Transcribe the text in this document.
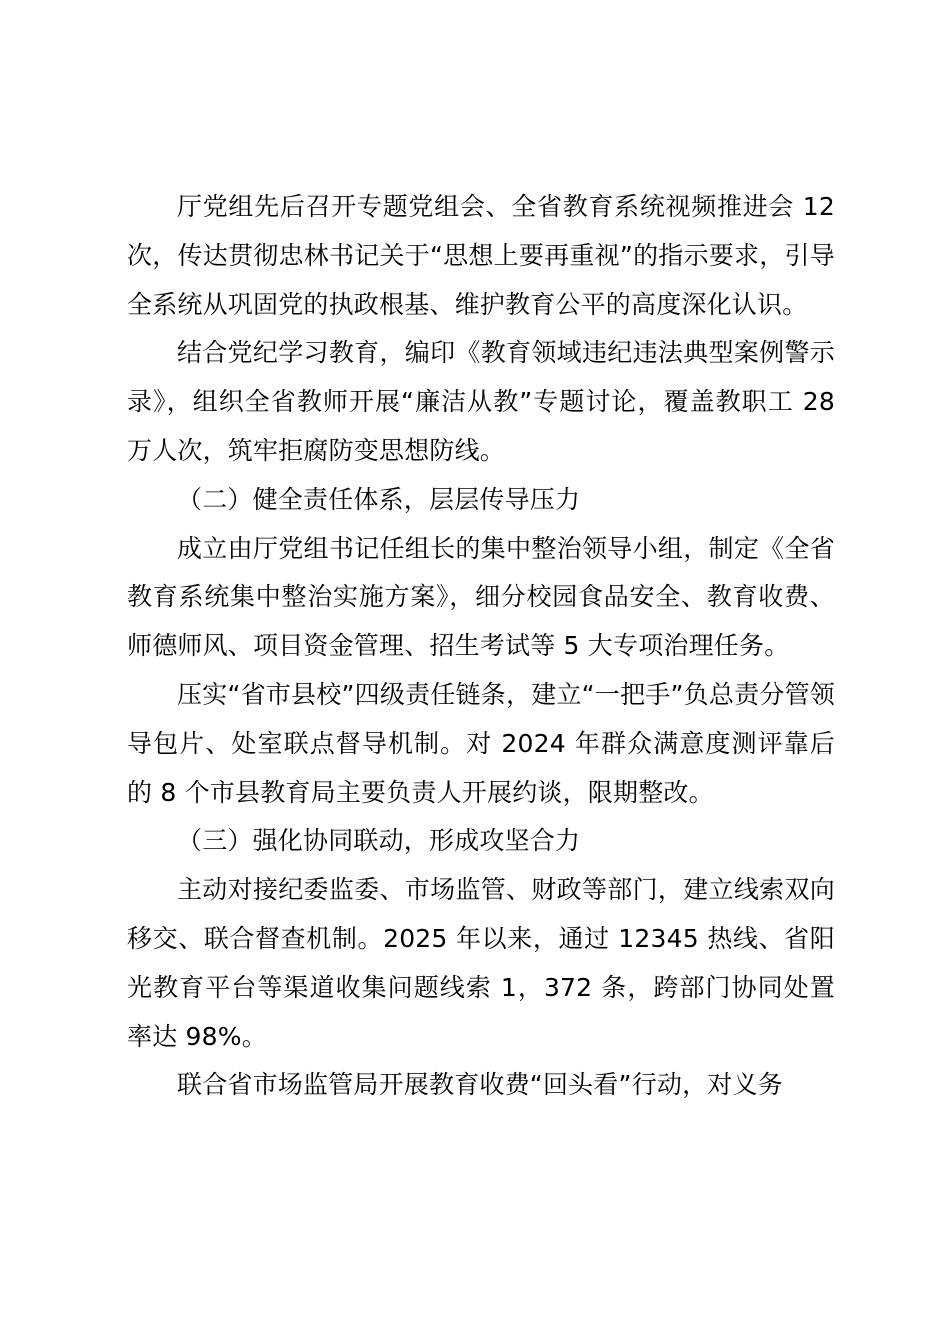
厅党组先后召开专题党组会、全省教育系统视频推进会 12 次，传达贯彻忠林书记关于“思想上要再重视”的指示要求，引导全系统从巩固党的执政根基、维护教育公平的高度深化认识。

结合党纪学习教育，编印《教育领域违纪违法典型案例警示录》，组织全省教师开展“廉洁从教”专题讨论，覆盖教职工 28 万人次，筑牢拒腐防变思想防线。

（二）健全责任体系，层层传导压力

成立由厅党组书记任组长的集中整治领导小组，制定《全省教育系统集中整治实施方案》，细分校园食品安全、教育收费、师德师风、项目资金管理、招生考试等 5 大专项治理任务。

压实“省市县校”四级责任链条，建立“一把手”负总责分管领导包片、处室联点督导机制。对 2024 年群众满意度测评靠后的 8 个市县教育局主要负责人开展约谈，限期整改。

（三）强化协同联动，形成攻坚合力

主动对接纪委监委、市场监管、财政等部门，建立线索双向移交、联合督查机制。2025 年以来，通过 12345 热线、省阳光教育平台等渠道收集问题线索 1，372 条，跨部门协同处置率达 98%。

联合省市场监管局开展教育收费“回头看”行动，对义务
